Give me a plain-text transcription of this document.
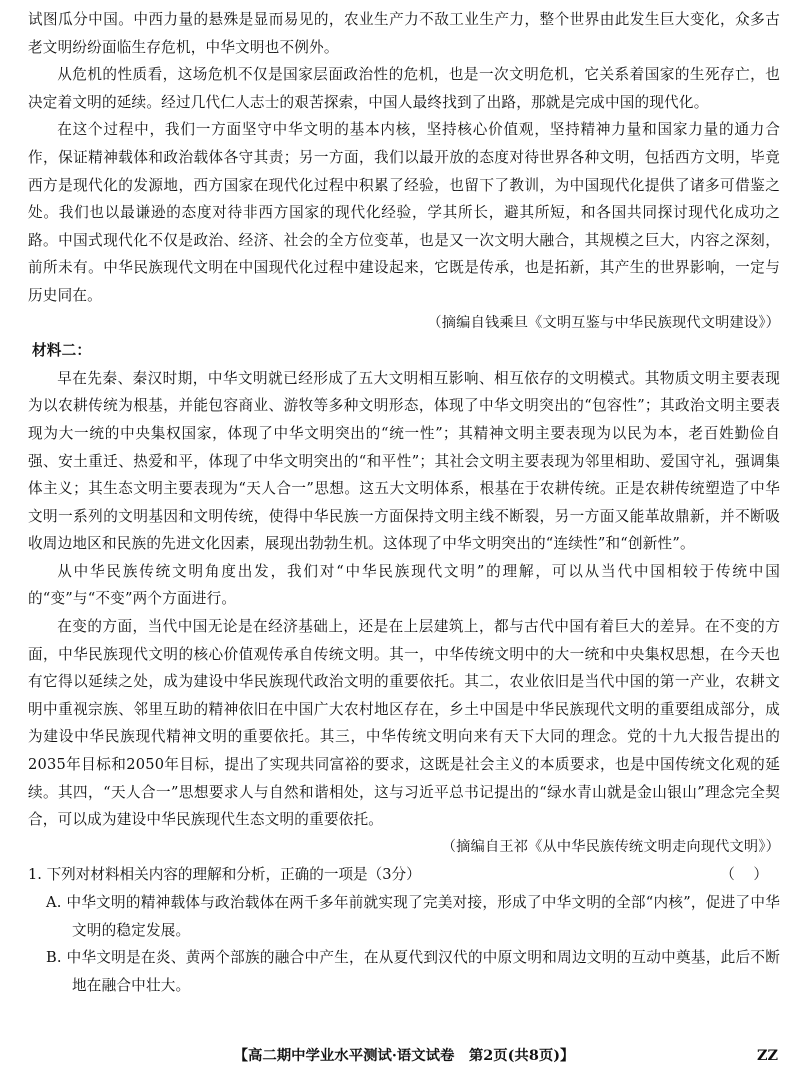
试图瓜分中国。中西力量的悬殊是显而易见的，农业生产力不敌工业生产力，整个世界由此发生巨大变化，众多古老文明纷纷面临生存危机，中华文明也不例外。

从危机的性质看，这场危机不仅是国家层面政治性的危机，也是一次文明危机，它关系着国家的生死存亡，也决定着文明的延续。经过几代仁人志士的艰苦探索，中国人最终找到了出路，那就是完成中国的现代化。

在这个过程中，我们一方面坚守中华文明的基本内核，坚持核心价值观，坚持精神力量和国家力量的通力合作，保证精神载体和政治载体各守其责；另一方面，我们以最开放的态度对待世界各种文明，包括西方文明，毕竟西方是现代化的发源地，西方国家在现代化过程中积累了经验，也留下了教训，为中国现代化提供了诸多可借鉴之处。我们也以最谦逊的态度对待非西方国家的现代化经验，学其所长，避其所短，和各国共同探讨现代化成功之路。中国式现代化不仅是政治、经济、社会的全方位变革，也是又一次文明大融合，其规模之巨大，内容之深刻，前所未有。中华民族现代文明在中国现代化过程中建设起来，它既是传承，也是拓新，其产生的世界影响，一定与历史同在。

（摘编自钱乘旦《文明互鉴与中华民族现代文明建设》）

材料二：

早在先秦、秦汉时期，中华文明就已经形成了五大文明相互影响、相互依存的文明模式。其物质文明主要表现为以农耕传统为根基，并能包容商业、游牧等多种文明形态，体现了中华文明突出的“包容性”；其政治文明主要表现为大一统的中央集权国家，体现了中华文明突出的“统一性”；其精神文明主要表现为以民为本，老百姓勤俭自强、安土重迁、热爱和平，体现了中华文明突出的“和平性”；其社会文明主要表现为邻里相助、爱国守礼，强调集体主义；其生态文明主要表现为“天人合一”思想。这五大文明体系，根基在于农耕传统。正是农耕传统塑造了中华文明一系列的文明基因和文明传统，使得中华民族一方面保持文明主线不断裂，另一方面又能革故鼎新，并不断吸收周边地区和民族的先进文化因素，展现出勃勃生机。这体现了中华文明突出的“连续性”和“创新性”。

从中华民族传统文明角度出发，我们对“中华民族现代文明”的理解，可以从当代中国相较于传统中国的“变”与“不变”两个方面进行。

在变的方面，当代中国无论是在经济基础上，还是在上层建筑上，都与古代中国有着巨大的差异。在不变的方面，中华民族现代文明的核心价值观传承自传统文明。其一，中华传统文明中的大一统和中央集权思想，在今天也有它得以延续之处，成为建设中华民族现代政治文明的重要依托。其二，农业依旧是当代中国的第一产业，农耕文明中重视宗族、邻里互助的精神依旧在中国广大农村地区存在，乡土中国是中华民族现代文明的重要组成部分，成为建设中华民族现代精神文明的重要依托。其三，中华传统文明向来有天下大同的理念。党的十九大报告提出的2035年目标和2050年目标，提出了实现共同富裕的要求，这既是社会主义的本质要求，也是中国传统文化观的延续。其四，“天人合一”思想要求人与自然和谐相处，这与习近平总书记提出的“绿水青山就是金山银山”理念完全契合，可以成为建设中华民族现代生态文明的重要依托。

（摘编自王祁《从中华民族传统文明走向现代文明》）

1. 下列对材料相关内容的理解和分析，正确的一项是（3分）	（    ）
A. 中华文明的精神载体与政治载体在两千多年前就实现了完美对接，形成了中华文明的全部“内核”，促进了中华文明的稳定发展。
B. 中华文明是在炎、黄两个部族的融合中产生，在从夏代到汉代的中原文明和周边文明的互动中奠基，此后不断地在融合中壮大。
【高二期中学业水平测试·语文试卷　第2页(共8页)】	ZZ
